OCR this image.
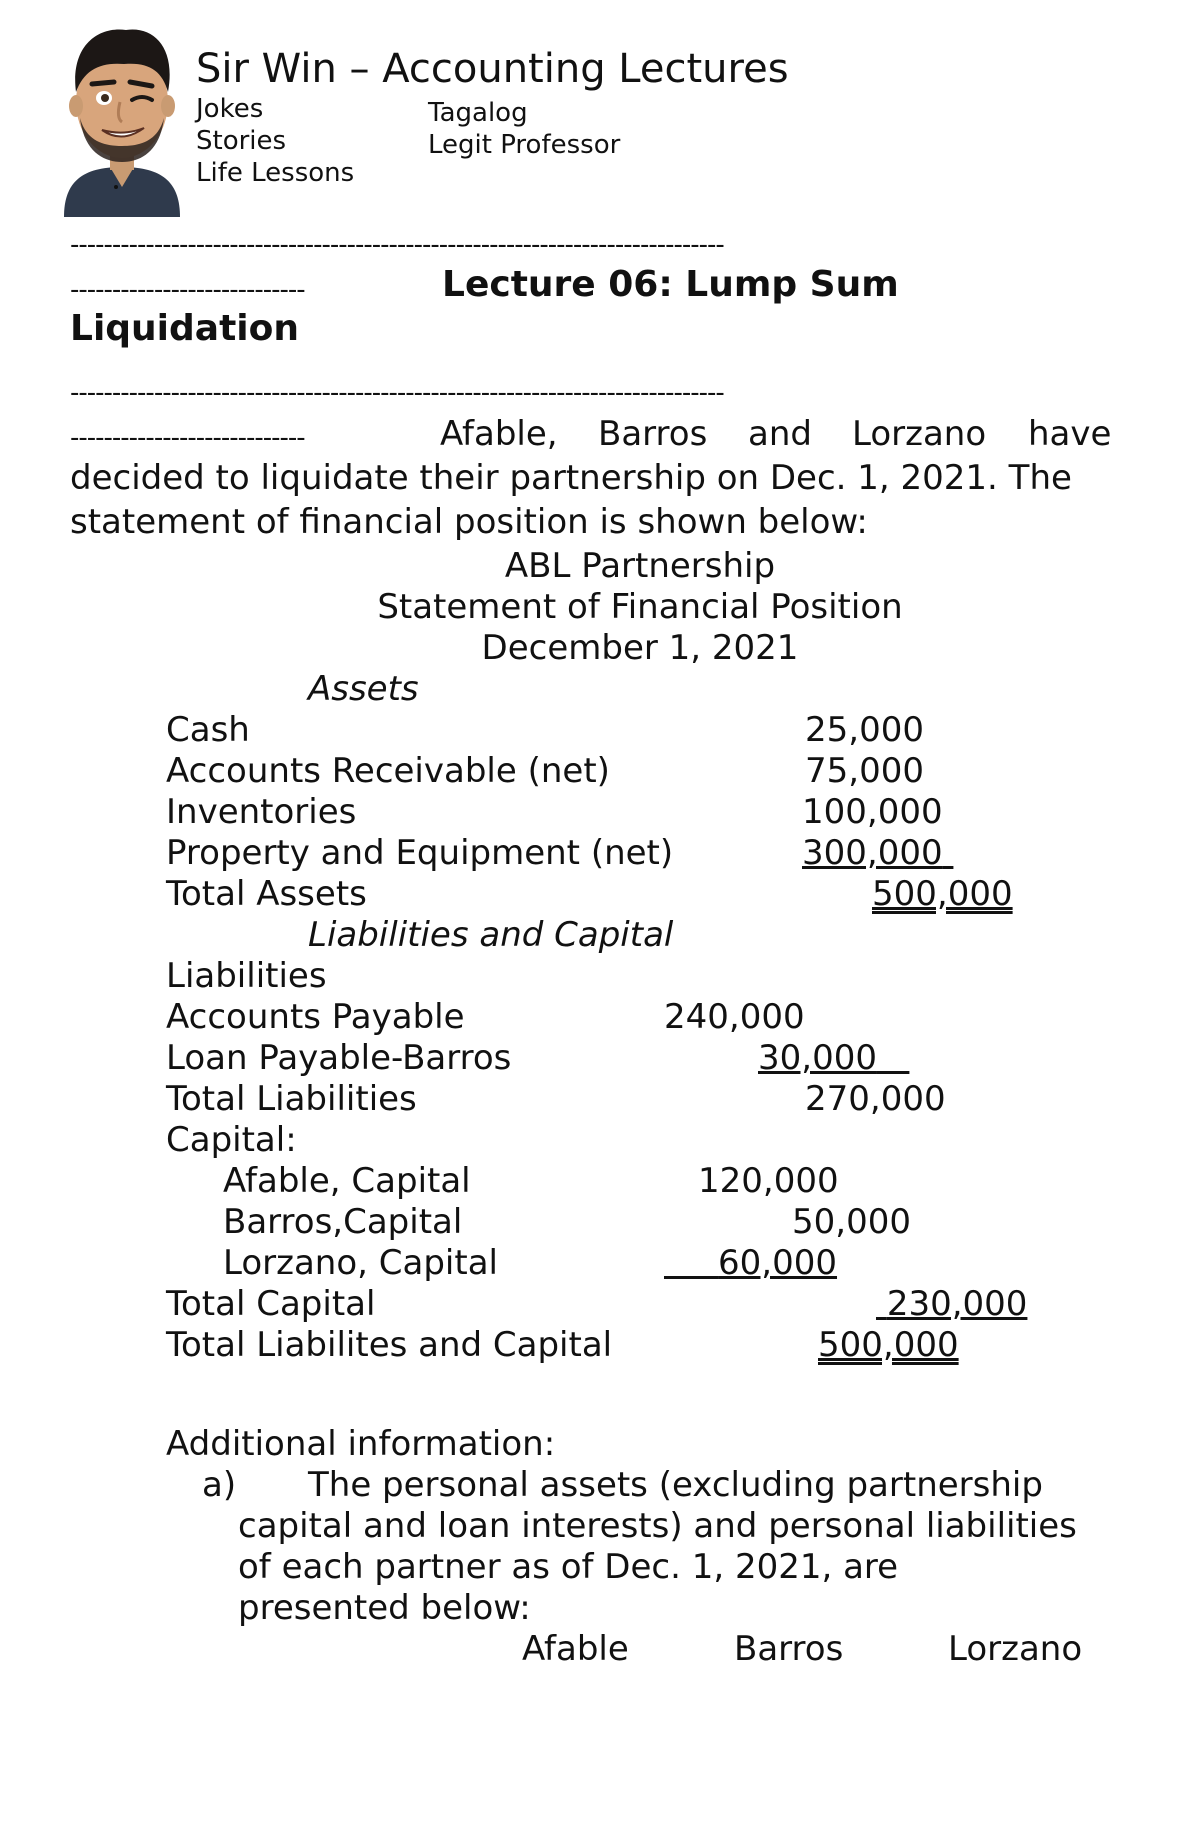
Sir Win – Accounting Lectures
Jokes
Stories
Life Lessons
Tagalog
Legit Professor
------------------------------------------------------------------------------
----------------------------	Lecture 06: Lump Sum
Liquidation
------------------------------------------------------------------------------
----------------------------	Afable, Barros and Lorzano have
decided to liquidate their partnership on Dec. 1, 2021. The
statement of financial position is shown below:
ABL Partnership
Statement of Financial Position
December 1, 2021
Assets
Cash	25,000
Accounts Receivable (net)	75,000
Inventories	100,000
Property and Equipment (net)	300,000
Total Assets	500,000
Liabilities and Capital
Liabilities
Accounts Payable	240,000
Loan Payable-Barros	30,000
Total Liabilities	270,000
Capital:
Afable, Capital	120,000
Barros,Capital	50,000
Lorzano, Capital	60,000
Total Capital	230,000
Total Liabilites and Capital	500,000
Additional information:
a) The personal assets (excluding partnership
capital and loan interests) and personal liabilities
of each partner as of Dec. 1, 2021, are
presented below:
Afable	Barros	Lorzano
